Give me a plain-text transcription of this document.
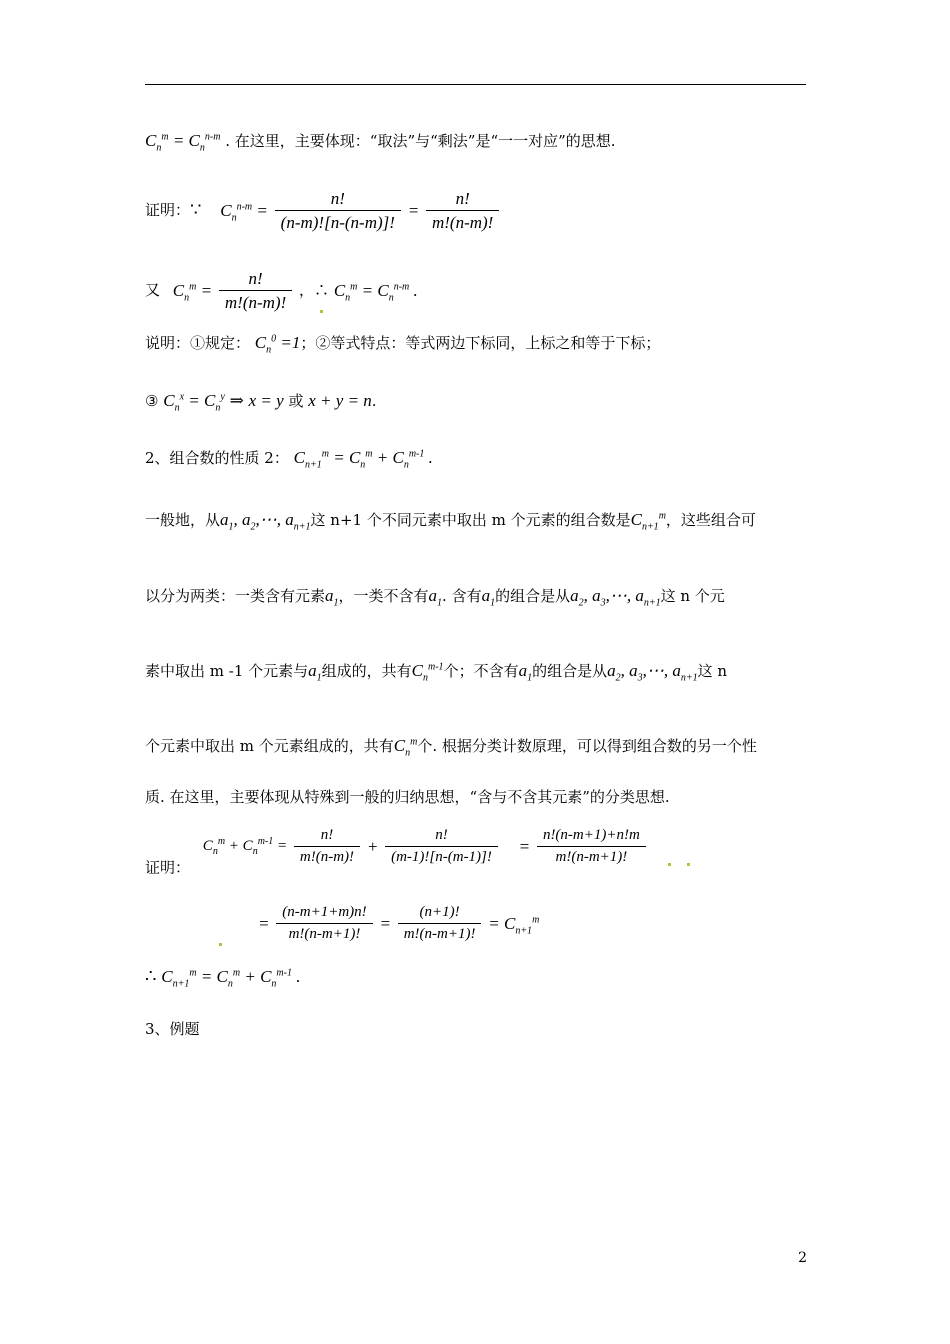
$C_n^m = C_n^{n-m}$ . 在这里，主要体现：“取法”与“剩法”是“一一对应”的思想.
证明：∵ $C_n^{n-m} = \frac{n!}{(n-m)![n-(n-m)]!} = \frac{n!}{m!(n-m)!}$
又 $C_n^m = \frac{n!}{m!(n-m)!}$ ，∴ $C_n^m = C_n^{n-m}$ .
说明：①规定： $C_n^0 =1$；②等式特点：等式两边下标同，上标之和等于下标；
③ $C_n^x = C_n^y$ ⇒ x = y 或 x + y = n.
2、组合数的性质 2： $C_{n+1}^m = C_n^m + C_n^{m-1}$ .
一般地，从$a_1$, $a_2,\cdots$, $a_{n+1}$这 n+1 个不同元素中取出 m 个元素的组合数是$C_{n+1}^m$，这些组合可
以分为两类：一类含有元素$a_1$，一类不含有$a_1$. 含有$a_1$的组合是从$a_2$, $a_3,\cdots$, $a_{n+1}$这 n 个元
素中取出 m -1 个元素与$a_1$组成的，共有$C_n^{m-1}$个；不含有$a_1$的组合是从$a_2$, $a_3,\cdots$, $a_{n+1}$这 n
个元素中取出 m 个元素组成的，共有$C_n^m$个. 根据分类计数原理，可以得到组合数的另一个性
质. 在这里，主要体现从特殊到一般的归纳思想，“含与不含其元素”的分类思想.
证明： $C_n^m + C_n^{m-1} = \frac{n!}{m!(n-m)!} + \frac{n!}{(m-1)![n-(m-1)]!} = \frac{n!(n-m+1)+n!m}{m!(n-m+1)!}$
= $\frac{(n-m+1+m)n!}{m!(n-m+1)!} = \frac{(n+1)!}{m!(n-m+1)!} = C_{n+1}^m$
∴ $C_{n+1}^m = C_n^m + C_n^{m-1}$ .
3、例题
2
